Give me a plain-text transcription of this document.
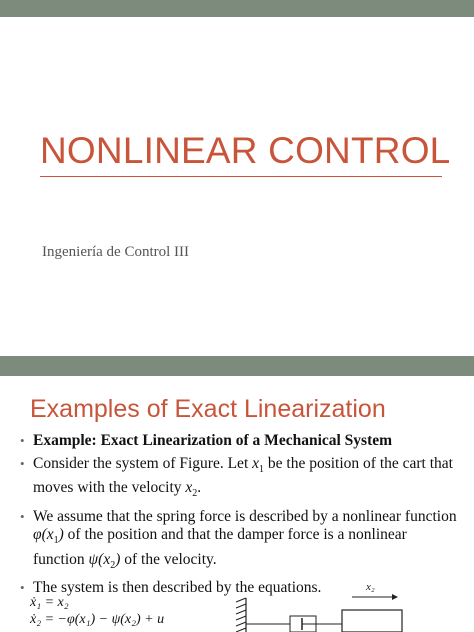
NONLINEAR CONTROL
Ingeniería de Control III
Examples of Exact Linearization
• Example: Exact Linearization of a Mechanical System
• Consider the system of Figure. Let $x_1$ be the position of the cart that moves with the velocity $x_2$.
• We assume that the spring force is described by a nonlinear function $\varphi(x_1)$ of the position and that the damper force is a nonlinear function $\psi(x_2)$ of the velocity.
• The system is then described by the equations.
ẋ₁ = x₂
ẋ₂ = −φ(x₁) − ψ(x₂) + u
x₂
